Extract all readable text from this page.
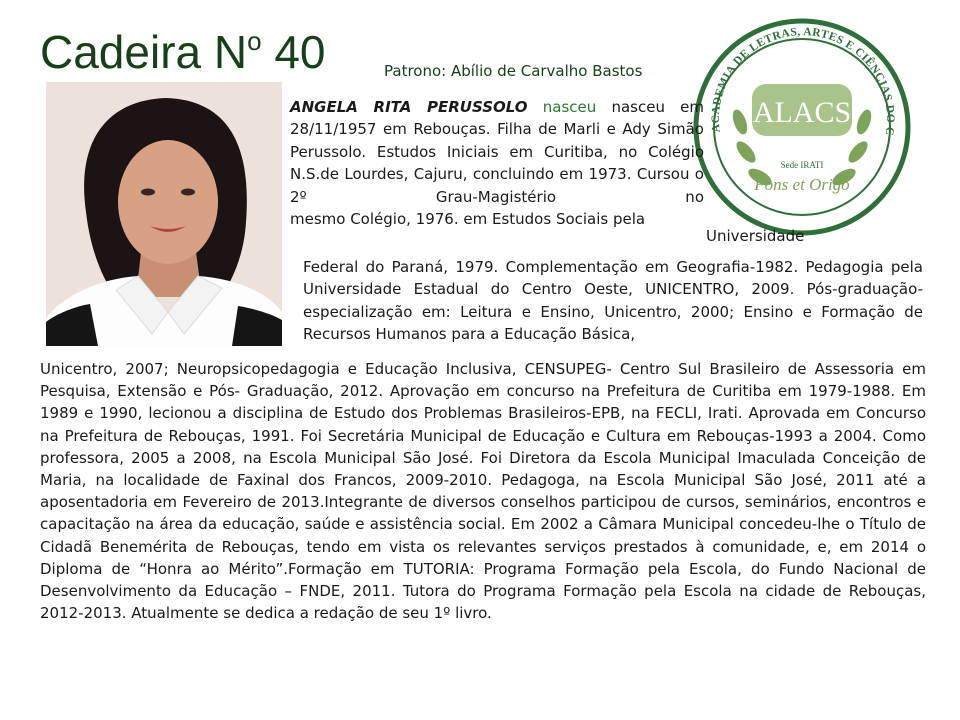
Cadeira $N^o$ 40	Patrono: Abílio de Carvalho Bastos
ACADEMIA DE LETRAS, ARTES E CIÊNCIAS DO C
ALACS
Sede IRATI
Fons et Origo

ANGELA RITA PERUSSOLO nasceu nasceu em 28/11/1957 em Rebouças. Filha de Marli e Ady Simão Perussolo. Estudos Iniciais em Curitiba, no Colégio N.S.de Lourdes, Cajuru, concluindo em 1973. Cursou o 2º Grau-Magistério no mesmo Colégio, 1976. em Estudos Sociais pela

Universidade

Federal do Paraná, 1979. Complementação em Geografia-1982. Pedagogia pela Universidade Estadual do Centro Oeste, UNICENTRO, 2009. Pós-graduação-especialização em: Leitura e Ensino, Unicentro, 2000; Ensino e Formação de Recursos Humanos para a Educação Básica,

Unicentro, 2007; Neuropsicopedagogia e Educação Inclusiva, CENSUPEG- Centro Sul Brasileiro de Assessoria em Pesquisa, Extensão e Pós- Graduação, 2012. Aprovação em concurso na Prefeitura de Curitiba em 1979-1988. Em 1989 e 1990, lecionou a disciplina de Estudo dos Problemas Brasileiros-EPB, na FECLI, Irati. Aprovada em Concurso na Prefeitura de Rebouças, 1991. Foi Secretária Municipal de Educação e Cultura em Rebouças-1993 a 2004. Como professora, 2005 a 2008, na Escola Municipal São José. Foi Diretora da Escola Municipal Imaculada Conceição de Maria, na localidade de Faxinal dos Francos, 2009-2010. Pedagoga, na Escola Municipal São José, 2011 até a aposentadoria em Fevereiro de 2013.Integrante de diversos conselhos participou de cursos, seminários, encontros e capacitação na área da educação, saúde e assistência social. Em 2002 a Câmara Municipal concedeu-lhe o Título de Cidadã Benemérita de Rebouças, tendo em vista os relevantes serviços prestados à comunidade, e, em 2014 o Diploma de “Honra ao Mérito”.Formação em TUTORIA: Programa Formação pela Escola, do Fundo Nacional de Desenvolvimento da Educação – FNDE, 2011. Tutora do Programa Formação pela Escola na cidade de Rebouças, 2012-2013. Atualmente se dedica a redação de seu 1º livro.
